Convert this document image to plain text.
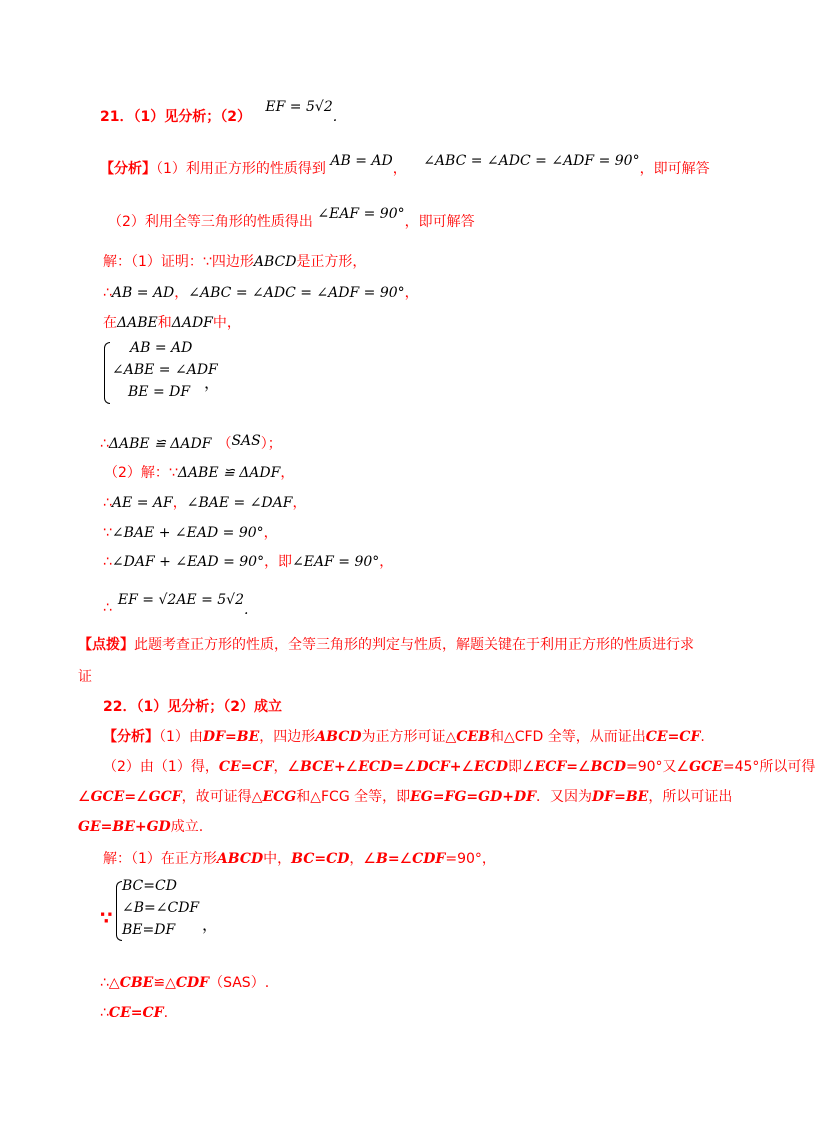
21．（1）见分析；（2） EF = 5√2.
【分析】（1）利用正方形的性质得到 AB = AD， ∠ABC = ∠ADC = ∠ADF = 90°，即可解答
（2）利用全等三角形的性质得出 ∠EAF = 90°，即可解答
解：（1）证明：∵四边形ABCD是正方形，
∴AB = AD，∠ABC = ∠ADC = ∠ADF = 90°，
在ΔABE和ΔADF中，
AB = AD
∠ABE = ∠ADF
BE = DF ，
∴ΔABE ≌ ΔADF （SAS）；
（2）解：∵ΔABE ≌ ΔADF，
∴AE = AF，∠BAE = ∠DAF，
∵∠BAE + ∠EAD = 90°，
∴∠DAF + ∠EAD = 90°，即∠EAF = 90°，
∴ EF = √2AE = 5√2.
【点拨】此题考查正方形的性质，全等三角形的判定与性质，解题关键在于利用正方形的性质进行求
证
22．（1）见分析；（2）成立
【分析】（1）由DF=BE，四边形ABCD为正方形可证△CEB和△CFD 全等，从而证出CE=CF.
（2）由（1）得，CE=CF，∠BCE+∠ECD=∠DCF+∠ECD即∠ECF=∠BCD=90°又∠GCE=45°所以可得
∠GCE=∠GCF，故可证得△ECG和△FCG 全等，即EG=FG=GD+DF．又因为DF=BE，所以可证出
GE=BE+GD成立.
解：（1）在正方形ABCD中，BC=CD，∠B=∠CDF=90°，
∵
BC=CD
∠B=∠CDF
BE=DF ，
∴△CBE≌△CDF（SAS）.
∴CE=CF.
